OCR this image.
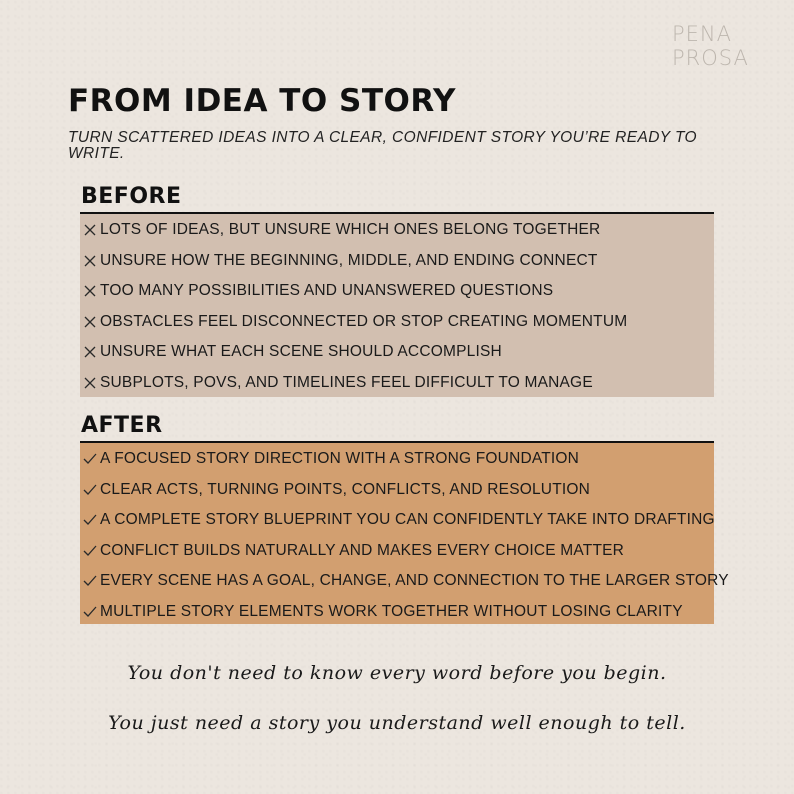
PENA
PROSA
FROM IDEA TO STORY
TURN SCATTERED IDEAS INTO A CLEAR, CONFIDENT STORY YOU’RE READY TO WRITE.
BEFORE
LOTS OF IDEAS, BUT UNSURE WHICH ONES BELONG TOGETHER
UNSURE HOW THE BEGINNING, MIDDLE, AND ENDING CONNECT
TOO MANY POSSIBILITIES AND UNANSWERED QUESTIONS
OBSTACLES FEEL DISCONNECTED OR STOP CREATING MOMENTUM
UNSURE WHAT EACH SCENE SHOULD ACCOMPLISH
SUBPLOTS, POVS, AND TIMELINES FEEL DIFFICULT TO MANAGE
AFTER
A FOCUSED STORY DIRECTION WITH A STRONG FOUNDATION
CLEAR ACTS, TURNING POINTS, CONFLICTS, AND RESOLUTION
A COMPLETE STORY BLUEPRINT YOU CAN CONFIDENTLY TAKE INTO DRAFTING
CONFLICT BUILDS NATURALLY AND MAKES EVERY CHOICE MATTER
EVERY SCENE HAS A GOAL, CHANGE, AND CONNECTION TO THE LARGER STORY
MULTIPLE STORY ELEMENTS WORK TOGETHER WITHOUT LOSING CLARITY
You don't need to know every word before you begin.
You just need a story you understand well enough to tell.
